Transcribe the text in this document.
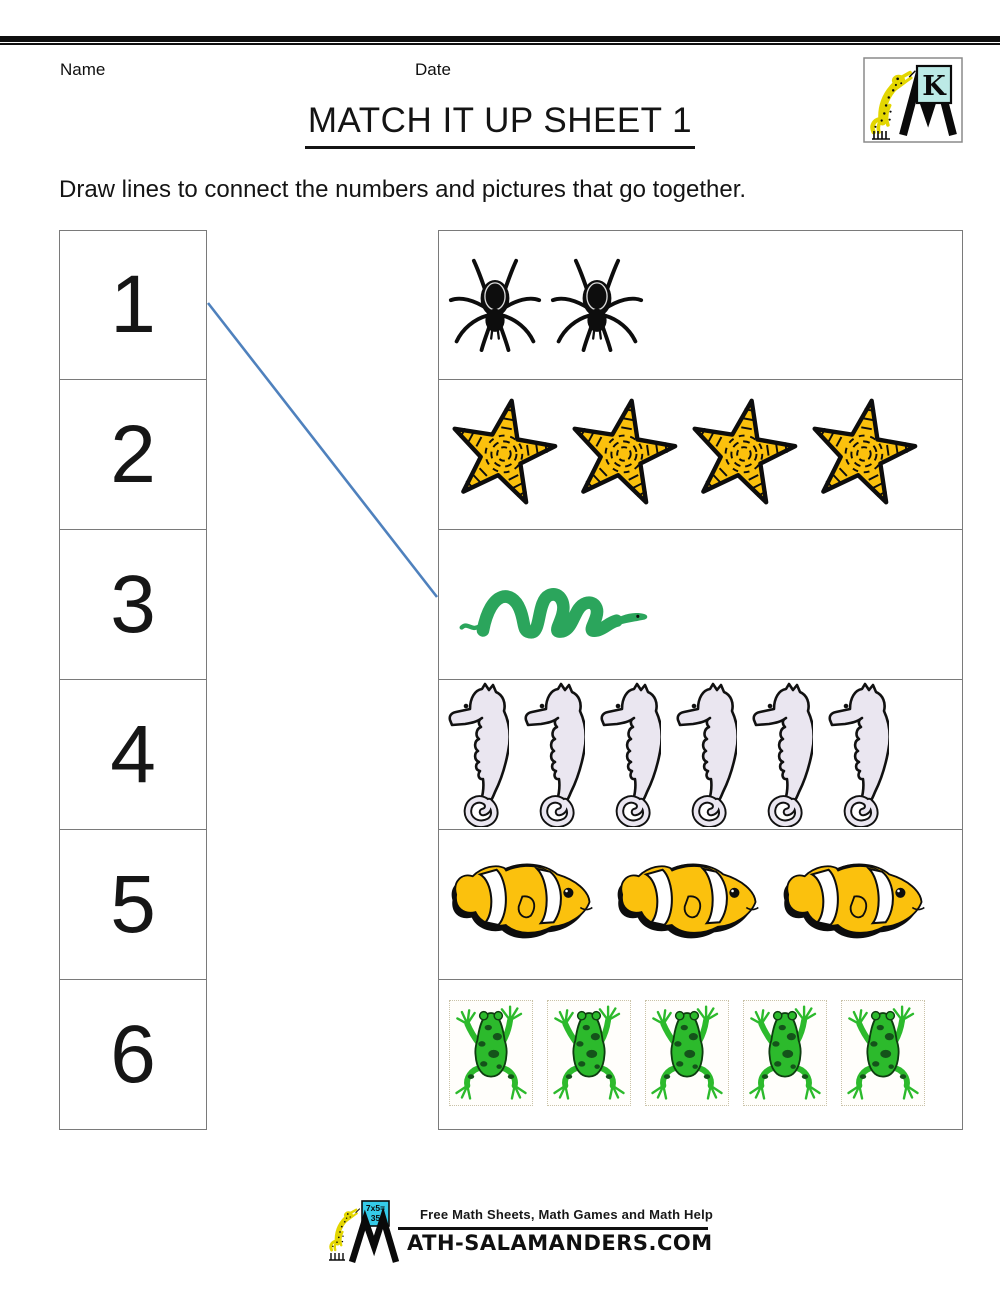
Name	Date
K
MATCH IT UP SHEET 1
Draw lines to connect the numbers and pictures that go together.
1
2
3
4
5
6
7x5=
35	Free Math Sheets, Math Games and Math Help
ATH-SALAMANDERS.COM
